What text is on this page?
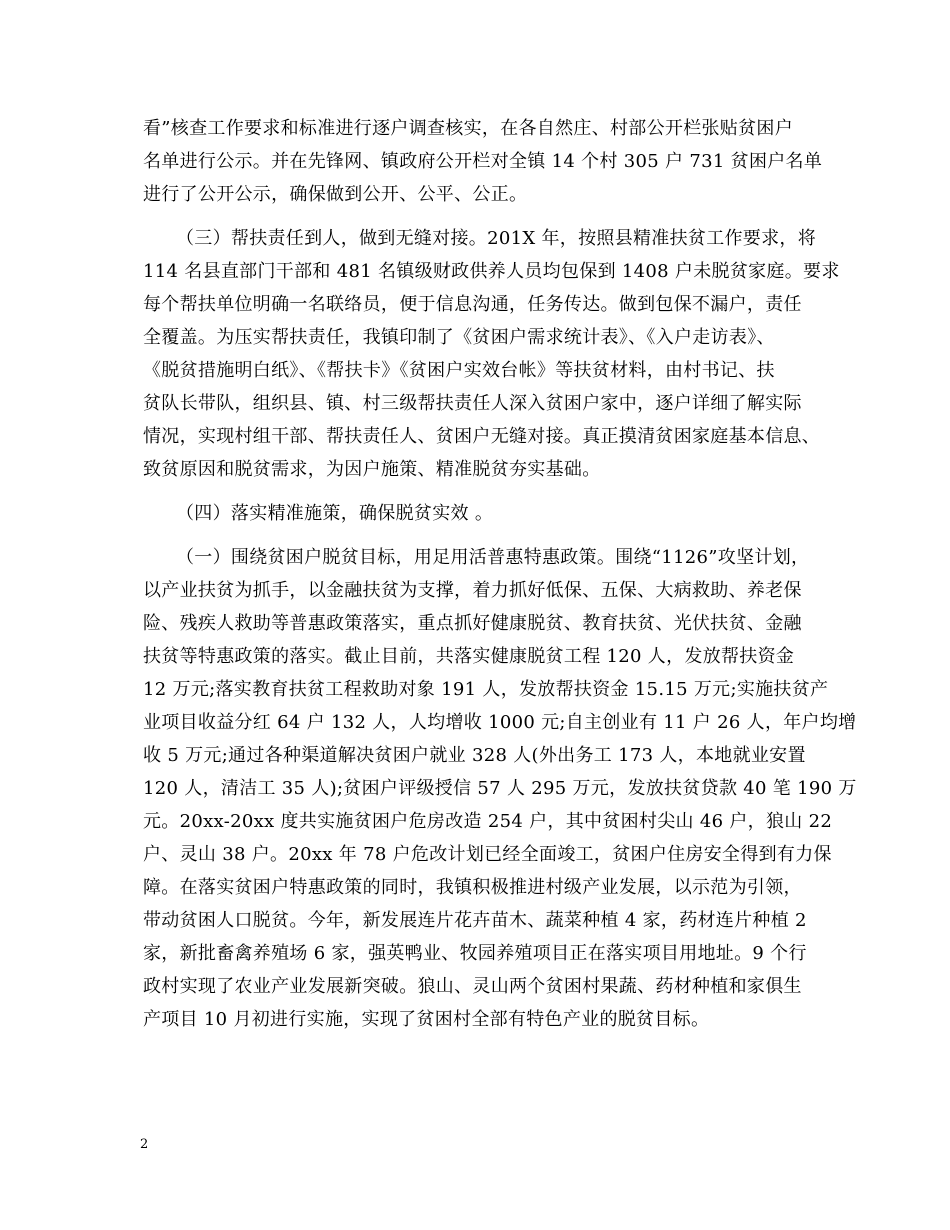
看”核查工作要求和标准进行逐户调查核实，在各自然庄、村部公开栏张贴贫困户
名单进行公示。并在先锋网、镇政府公开栏对全镇 14 个村 305 户 731 贫困户名单
进行了公开公示，确保做到公开、公平、公正。
（三）帮扶责任到人，做到无缝对接。201X 年，按照县精准扶贫工作要求，将
114 名县直部门干部和 481 名镇级财政供养人员均包保到 1408 户未脱贫家庭。要求
每个帮扶单位明确一名联络员，便于信息沟通，任务传达。做到包保不漏户，责任
全覆盖。为压实帮扶责任，我镇印制了《贫困户需求统计表》、《入户走访表》、
《脱贫措施明白纸》、《帮扶卡》《贫困户实效台帐》等扶贫材料，由村书记、扶
贫队长带队，组织县、镇、村三级帮扶责任人深入贫困户家中，逐户详细了解实际
情况，实现村组干部、帮扶责任人、贫困户无缝对接。真正摸清贫困家庭基本信息、
致贫原因和脱贫需求，为因户施策、精准脱贫夯实基础。
（四）落实精准施策，确保脱贫实效 。
（一）围绕贫困户脱贫目标，用足用活普惠特惠政策。围绕“1126”攻坚计划，
以产业扶贫为抓手，以金融扶贫为支撑，着力抓好低保、五保、大病救助、养老保
险、残疾人救助等普惠政策落实，重点抓好健康脱贫、教育扶贫、光伏扶贫、金融
扶贫等特惠政策的落实。截止目前，共落实健康脱贫工程 120 人，发放帮扶资金
12 万元;落实教育扶贫工程救助对象 191 人，发放帮扶资金 15.15 万元;实施扶贫产
业项目收益分红 64 户 132 人，人均增收 1000 元;自主创业有 11 户 26 人，年户均增
收 5 万元;通过各种渠道解决贫困户就业 328 人(外出务工 173 人，本地就业安置
120 人，清洁工 35 人);贫困户评级授信 57 人 295 万元，发放扶贫贷款 40 笔 190 万
元。20xx-20xx 度共实施贫困户危房改造 254 户，其中贫困村尖山 46 户，狼山 22
户、灵山 38 户。20xx 年 78 户危改计划已经全面竣工，贫困户住房安全得到有力保
障。在落实贫困户特惠政策的同时，我镇积极推进村级产业发展，以示范为引领，
带动贫困人口脱贫。今年，新发展连片花卉苗木、蔬菜种植 4 家，药材连片种植 2
家，新批畜禽养殖场 6 家，强英鸭业、牧园养殖项目正在落实项目用地址。9 个行
政村实现了农业产业发展新突破。狼山、灵山两个贫困村果蔬、药材种植和家俱生
产项目 10 月初进行实施，实现了贫困村全部有特色产业的脱贫目标。
2
